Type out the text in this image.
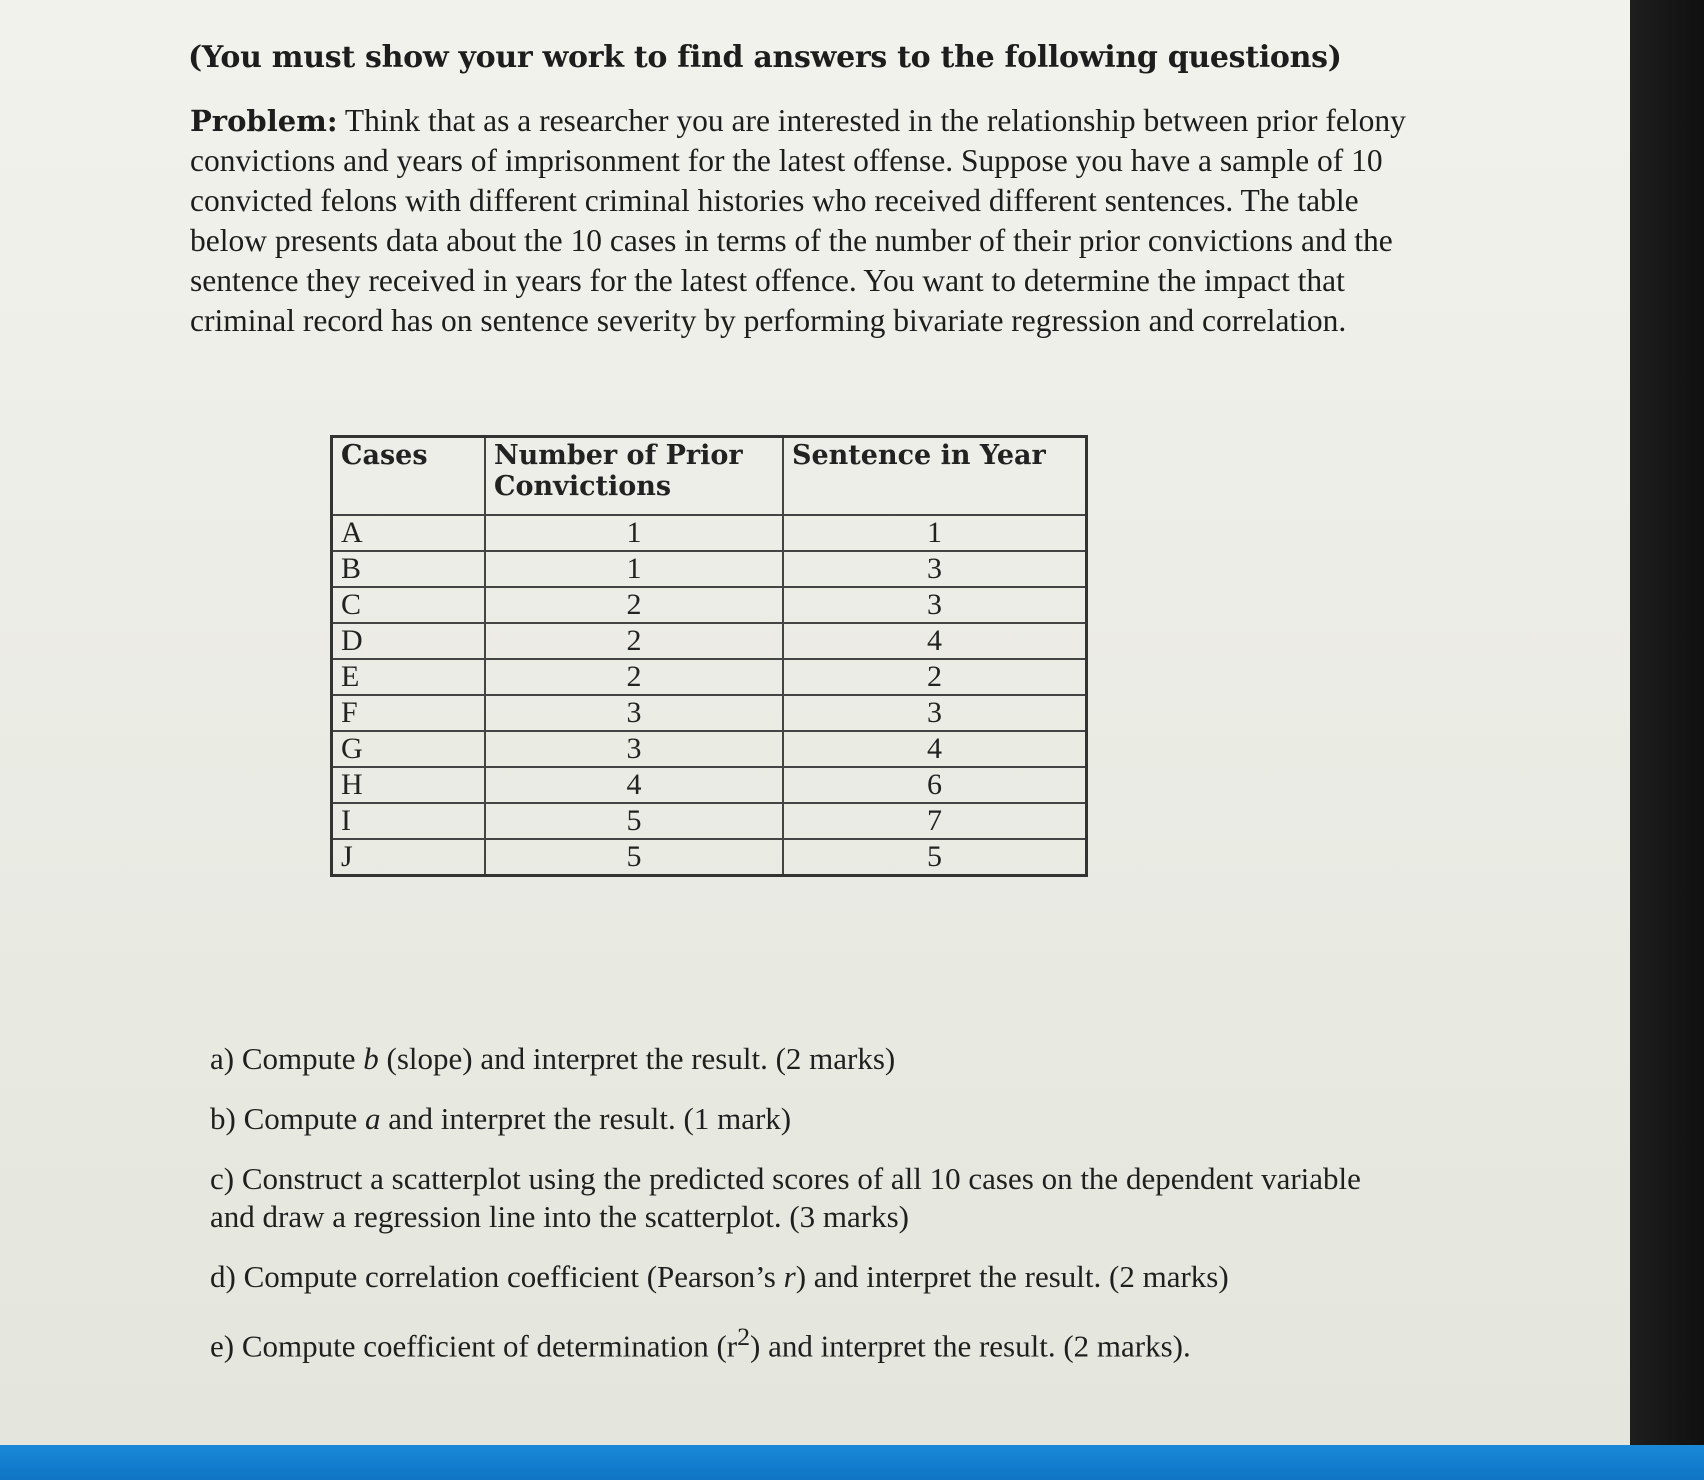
(You must show your work to find answers to the following questions)

Problem: Think that as a researcher you are interested in the relationship between prior felony convictions and years of imprisonment for the latest offense. Suppose you have a sample of 10 convicted felons with different criminal histories who received different sentences. The table below presents data about the 10 cases in terms of the number of their prior convictions and the sentence they received in years for the latest offence. You want to determine the impact that criminal record has on sentence severity by performing bivariate regression and correlation.

Cases	Number of Prior Convictions	Sentence in Year
A	1	1
B	1	3
C	2	3
D	2	4
E	2	2
F	3	3
G	3	4
H	4	6
I	5	7
J	5	5

a) Compute b (slope) and interpret the result. (2 marks)

b) Compute a and interpret the result. (1 mark)

c) Construct a scatterplot using the predicted scores of all 10 cases on the dependent variable and draw a regression line into the scatterplot. (3 marks)

d) Compute correlation coefficient (Pearson’s r) and interpret the result. (2 marks)

e) Compute coefficient of determination $(r^2)$ and interpret the result. (2 marks).
